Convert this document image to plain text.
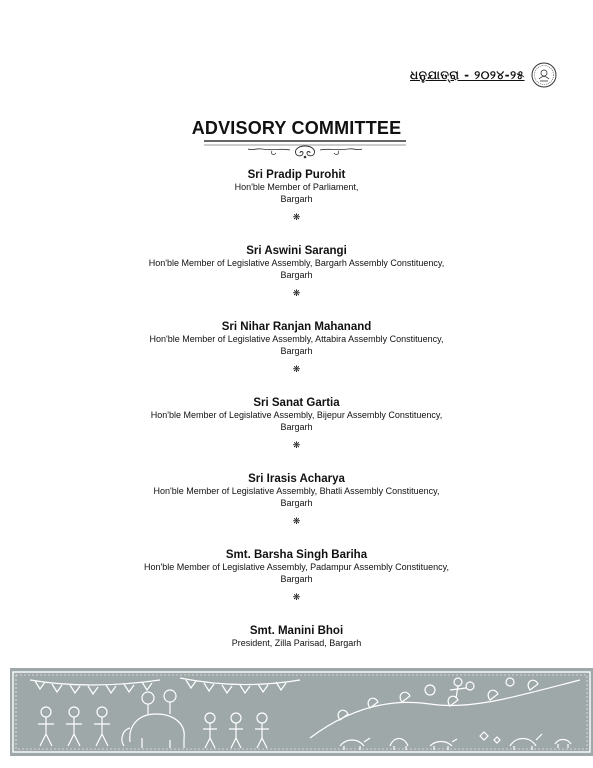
ଧନୁଯାତ୍ରା - ୨୦୨୪-୨୫
ADVISORY COMMITTEE
Sri Pradip Purohit
Hon'ble Member of Parliament,
Bargarh
❋
Sri Aswini Sarangi
Hon'ble Member of Legislative Assembly, Bargarh Assembly Constituency,
Bargarh
❋
Sri Nihar Ranjan Mahanand
Hon'ble Member of Legislative Assembly, Attabira Assembly Constituency,
Bargarh
❋
Sri Sanat Gartia
Hon'ble Member of Legislative Assembly, Bijepur Assembly Constituency,
Bargarh
❋
Sri Irasis Acharya
Hon'ble Member of Legislative Assembly, Bhatli Assembly Constituency,
Bargarh
❋
Smt. Barsha Singh Bariha
Hon'ble Member of Legislative Assembly, Padampur Assembly Constituency,
Bargarh
❋
Smt. Manini Bhoi
President, Zilla Parisad, Bargarh
